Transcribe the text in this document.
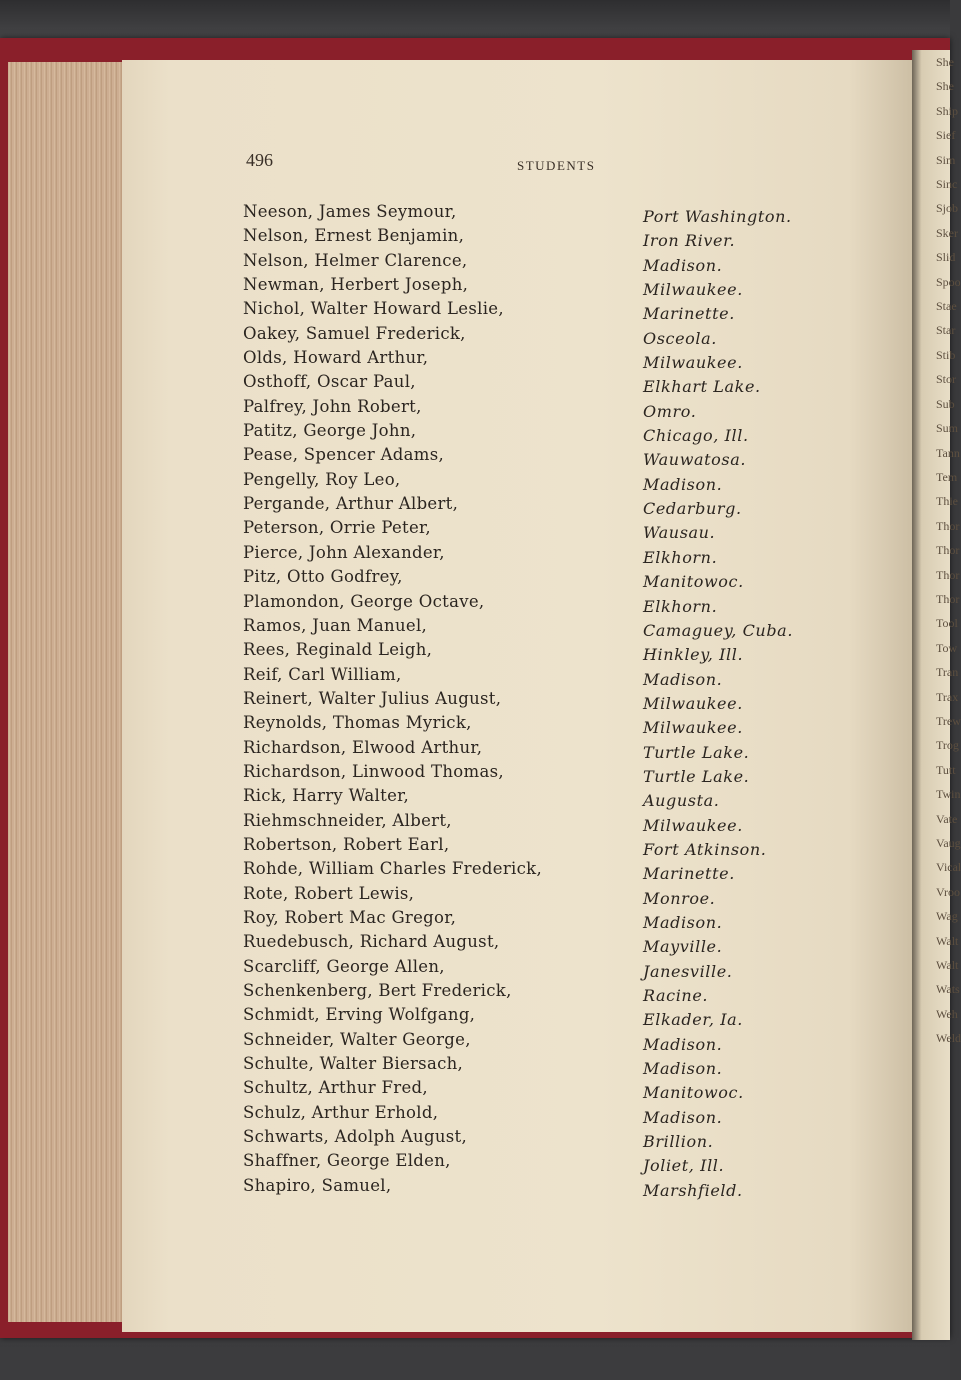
She
She
Ship
Sief
Sim
Sinc
Sjob
Sker
Slid
Spoo
Stae
Star
Stib
Stor
Sub
Sum
Tann
Tem
Thie
Thor
Thor
Thor
Thor
Tool
Tow
Tran
Trax
Trew
Trog
Tutt
Twin
Vate
Vaug
Vical
Vroo
Wag
Walt
Walt
Wats
Weh
Weld
496	STUDENTS
Neeson, James Seymour,
Nelson, Ernest Benjamin,
Nelson, Helmer Clarence,
Newman, Herbert Joseph,
Nichol, Walter Howard Leslie,
Oakey, Samuel Frederick,
Olds, Howard Arthur,
Osthoff, Oscar Paul,
Palfrey, John Robert,
Patitz, George John,
Pease, Spencer Adams,
Pengelly, Roy Leo,
Pergande, Arthur Albert,
Peterson, Orrie Peter,
Pierce, John Alexander,
Pitz, Otto Godfrey,
Plamondon, George Octave,
Ramos, Juan Manuel,
Rees, Reginald Leigh,
Reif, Carl William,
Reinert, Walter Julius August,
Reynolds, Thomas Myrick,
Richardson, Elwood Arthur,
Richardson, Linwood Thomas,
Rick, Harry Walter,
Riehmschneider, Albert,
Robertson, Robert Earl,
Rohde, William Charles Frederick,
Rote, Robert Lewis,
Roy, Robert Mac Gregor,
Ruedebusch, Richard August,
Scarcliff, George Allen,
Schenkenberg, Bert Frederick,
Schmidt, Erving Wolfgang,
Schneider, Walter George,
Schulte, Walter Biersach,
Schultz, Arthur Fred,
Schulz, Arthur Erhold,
Schwarts, Adolph August,
Shaffner, George Elden,
Shapiro, Samuel,
Port Washington.
Iron River.
Madison.
Milwaukee.
Marinette.
Osceola.
Milwaukee.
Elkhart Lake.
Omro.
Chicago, Ill.
Wauwatosa.
Madison.
Cedarburg.
Wausau.
Elkhorn.
Manitowoc.
Elkhorn.
Camaguey, Cuba.
Hinkley, Ill.
Madison.
Milwaukee.
Milwaukee.
Turtle Lake.
Turtle Lake.
Augusta.
Milwaukee.
Fort Atkinson.
Marinette.
Monroe.
Madison.
Mayville.
Janesville.
Racine.
Elkader, Ia.
Madison.
Madison.
Manitowoc.
Madison.
Brillion.
Joliet, Ill.
Marshfield.
